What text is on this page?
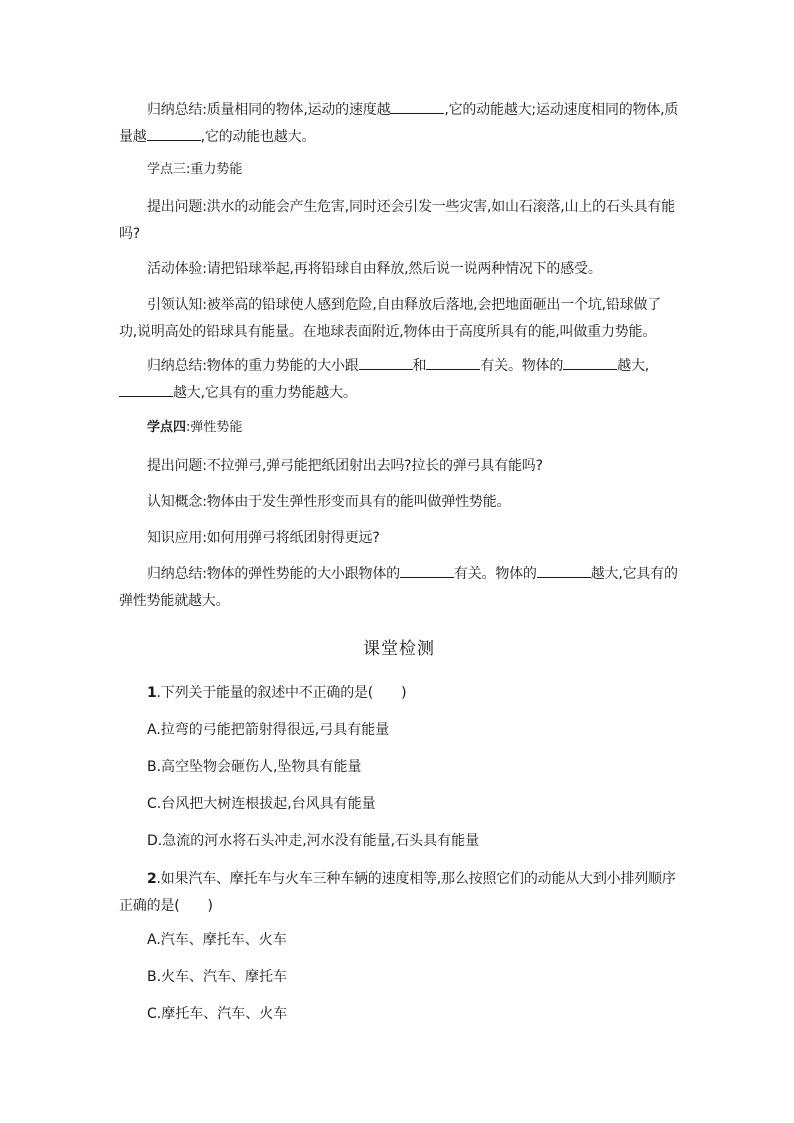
归纳总结:质量相同的物体,运动的速度越	,它的动能越大;运动速度相同的物体,质量越	,它的动能也越大。

学点三:重力势能

提出问题:洪水的动能会产生危害,同时还会引发一些灾害,如山石滚落,山上的石头具有能吗?

活动体验:请把铅球举起,再将铅球自由释放,然后说一说两种情况下的感受。

引领认知:被举高的铅球使人感到危险,自由释放后落地,会把地面砸出一个坑,铅球做了功,说明高处的铅球具有能量。在地球表面附近,物体由于高度所具有的能,叫做重力势能。

归纳总结:物体的重力势能的大小跟	和	有关。物体的	越大,越大,它具有的重力势能越大。

学点四:弹性势能

提出问题:不拉弹弓,弹弓能把纸团射出去吗?拉长的弹弓具有能吗?

认知概念:物体由于发生弹性形变而具有的能叫做弹性势能。

知识应用:如何用弹弓将纸团射得更远?

归纳总结:物体的弹性势能的大小跟物体的	有关。物体的	越大,它具有的弹性势能就越大。

课堂检测

1.下列关于能量的叙述中不正确的是( )

A.拉弯的弓能把箭射得很远,弓具有能量

B.高空坠物会砸伤人,坠物具有能量

C.台风把大树连根拔起,台风具有能量

D.急流的河水将石头冲走,河水没有能量,石头具有能量

2.如果汽车、摩托车与火车三种车辆的速度相等,那么按照它们的动能从大到小排列顺序正确的是( )

A.汽车、摩托车、火车

B.火车、汽车、摩托车

C.摩托车、汽车、火车
